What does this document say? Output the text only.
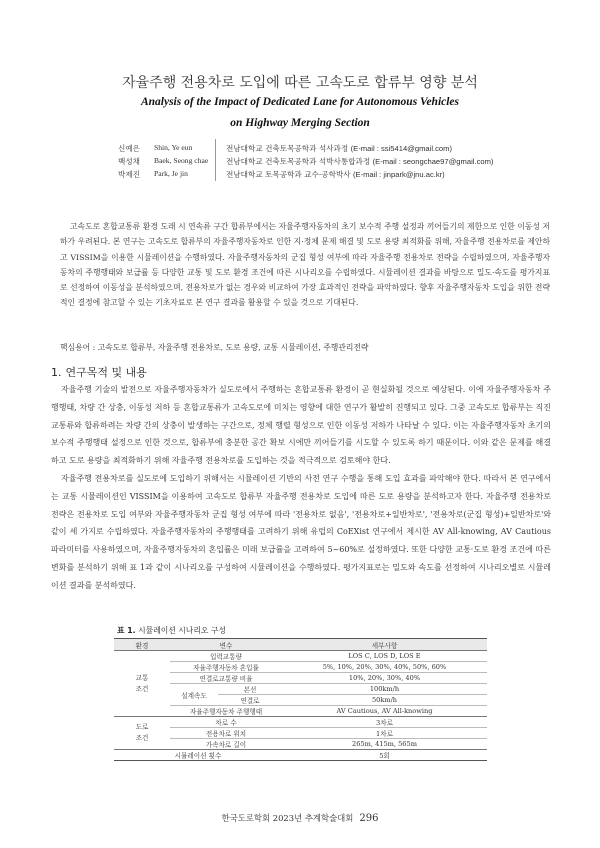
자율주행 전용차로 도입에 따른 고속도로 합류부 영향 분석
Analysis of the Impact of Dedicated Lane for Autonomous Vehicles
on Highway Merging Section
신예은 Shin, Ye eun	전남대학교 건축토목공학과 석사과정 (E-mail : ssi5414@gmail.com)
백성채 Baek, Seong chae 전남대학교 건축토목공학과 석박사통합과정 (E-mail : seongchae97@gmail.com)
박제진 Park, Je jin	전남대학교 토목공학과 교수·공학박사 (E-mail : jinpark@jnu.ac.kr)
고속도로 혼합교통류 환경 도래 시 연속류 구간 합류부에서는 자율주행자동차의 초기 보수적 주행 설정과 끼어들기의 제한으로 인한 이동성 저하가 우려된다. 본 연구는 고속도로 합류부의 자율주행자동차로 인한 지·정체 문제 해결 및 도로 용량 최적화를 위해, 자율주행 전용차로를 제안하고 VISSIM을 이용한 시뮬레이션을 수행하였다. 자율주행자동차의 군집 형성 여부에 따라 자율주행 전용차로 전략을 수립하였으며, 자율주행자동차의 주행행태와 보급률 등 다양한 교통 및 도로 환경 조건에 따른 시나리오를 수립하였다. 시뮬레이션 결과를 바탕으로 밀도·속도를 평가지표로 선정하여 이동성을 분석하였으며, 전용차로가 없는 경우와 비교하여 가장 효과적인 전략을 파악하였다. 향후 자율주행자동차 도입을 위한 전략적인 결정에 참고할 수 있는 기초자료로 본 연구 결과를 활용할 수 있을 것으로 기대된다.
핵심용어 : 고속도로 합류부, 자율주행 전용차로, 도로 용량, 교통 시뮬레이션, 주행관리전략
1. 연구목적 및 내용

자율주행 기술의 발전으로 자율주행자동차가 실도로에서 주행하는 혼합교통류 환경이 곧 현실화될 것으로 예상된다. 이에 자율주행자동차 주행행태, 차량 간 상충, 이동성 저하 등 혼합교통류가 고속도로에 미치는 영향에 대한 연구가 활발히 진행되고 있다. 그중 고속도로 합류부는 직진교통류와 합류하려는 차량 간의 상충이 발생하는 구간으로, 정체 행렬 형성으로 인한 이동성 저하가 나타날 수 있다. 이는 자율주행자동차 초기의 보수적 주행행태 설정으로 인한 것으로, 합류부에 충분한 공간 확보 시에만 끼어들기를 시도할 수 있도록 하기 때문이다. 이와 같은 문제를 해결하고 도로 용량을 최적화하기 위해 자율주행 전용차로를 도입하는 것을 적극적으로 검토해야 한다.

자율주행 전용차로를 실도로에 도입하기 위해서는 시뮬레이션 기반의 사전 연구 수행을 통해 도입 효과를 파악해야 한다. 따라서 본 연구에서는 교통 시뮬레이션인 VISSIM을 이용하여 고속도로 합류부 자율주행 전용차로 도입에 따른 도로 용량을 분석하고자 한다. 자율주행 전용차로 전략은 전용차로 도입 여부와 자율주행자동차 군집 형성 여부에 따라 '전용차로 없음', '전용차로+일반차로', '전용차로(군집 형성)+일반차로'와 같이 세 가지로 수립하였다. 자율주행자동차의 주행행태를 고려하기 위해 유럽의 CoEXist 연구에서 제시한 AV All-knowing, AV Cautious 파라미터를 사용하였으며, 자율주행자동차의 혼입률은 미래 보급률을 고려하여 5~60%로 설정하였다. 또한 다양한 교통·도로 환경 조건에 따른 변화를 분석하기 위해 표 1과 같이 시나리오를 구성하여 시뮬레이션을 수행하였다. 평가지표로는 밀도와 속도를 선정하여 시나리오별로 시뮬레이션 결과를 분석하였다.

표 1. 시뮬레이션 시나리오 구성
환경	변수		세부사항
교통 조건	입력교통량		LOS C, LOS D, LOS E
	자율주행자동차 혼입률		5%, 10%, 20%, 30%, 40%, 50%, 60%
	연결로교통량 비율		10%, 20%, 30%, 40%
	설계속도	본선	100km/h
		연결로	50km/h
	자율주행자동차 주행행태		AV Cautious, AV All-knowing
도로 조건	차로 수		3차로
	전용차로 위치		1차로
	가속차로 길이		265m, 415m, 565m
시뮬레이션 횟수			5회
한국도로학회 2023년 추계학술대회 296
